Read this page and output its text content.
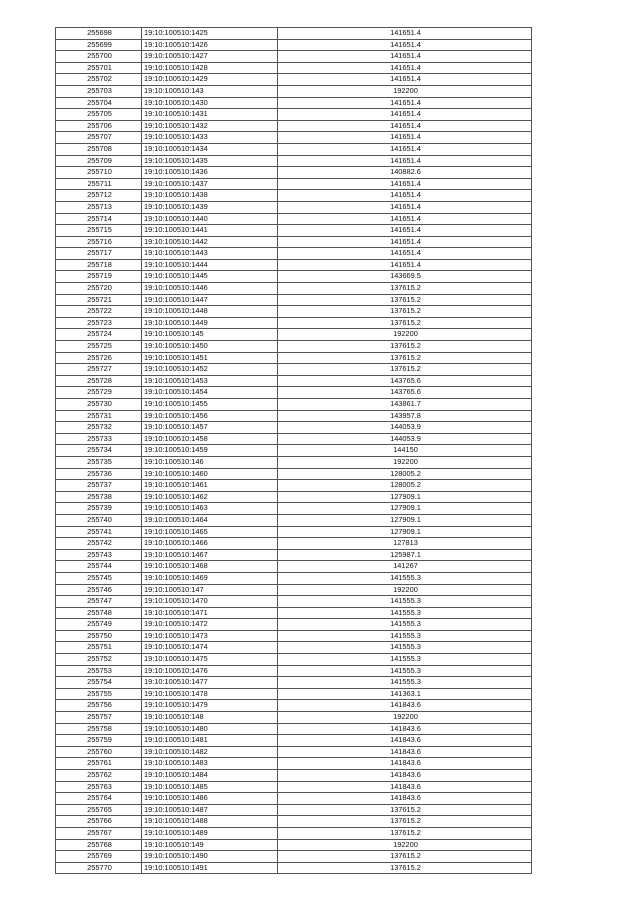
255698	19:10:100510:1425	141651.4
255699	19:10:100510:1426	141651.4
255700	19:10:100510:1427	141651.4
255701	19:10:100510:1428	141651.4
255702	19:10:100510:1429	141651.4
255703	19:10:100510:143	192200
255704	19:10:100510:1430	141651.4
255705	19:10:100510:1431	141651.4
255706	19:10:100510:1432	141651.4
255707	19:10:100510:1433	141651.4
255708	19:10:100510:1434	141651.4
255709	19:10:100510:1435	141651.4
255710	19:10:100510:1436	140882.6
255711	19:10:100510:1437	141651.4
255712	19:10:100510:1438	141651.4
255713	19:10:100510:1439	141651.4
255714	19:10:100510:1440	141651.4
255715	19:10:100510:1441	141651.4
255716	19:10:100510:1442	141651.4
255717	19:10:100510:1443	141651.4
255718	19:10:100510:1444	141651.4
255719	19:10:100510:1445	143669.5
255720	19:10:100510:1446	137615.2
255721	19:10:100510:1447	137615.2
255722	19:10:100510:1448	137615.2
255723	19:10:100510:1449	137615.2
255724	19:10:100510:145	192200
255725	19:10:100510:1450	137615.2
255726	19:10:100510:1451	137615.2
255727	19:10:100510:1452	137615.2
255728	19:10:100510:1453	143765.6
255729	19:10:100510:1454	143765.6
255730	19:10:100510:1455	143861.7
255731	19:10:100510:1456	143957.8
255732	19:10:100510:1457	144053.9
255733	19:10:100510:1458	144053.9
255734	19:10:100510:1459	144150
255735	19:10:100510:146	192200
255736	19:10:100510:1460	128005.2
255737	19:10:100510:1461	128005.2
255738	19:10:100510:1462	127909.1
255739	19:10:100510:1463	127909.1
255740	19:10:100510:1464	127909.1
255741	19:10:100510:1465	127909.1
255742	19:10:100510:1466	127813
255743	19:10:100510:1467	125987.1
255744	19:10:100510:1468	141267
255745	19:10:100510:1469	141555.3
255746	19:10:100510:147	192200
255747	19:10:100510:1470	141555.3
255748	19:10:100510:1471	141555.3
255749	19:10:100510:1472	141555.3
255750	19:10:100510:1473	141555.3
255751	19:10:100510:1474	141555.3
255752	19:10:100510:1475	141555.3
255753	19:10:100510:1476	141555.3
255754	19:10:100510:1477	141555.3
255755	19:10:100510:1478	141363.1
255756	19:10:100510:1479	141843.6
255757	19:10:100510:148	192200
255758	19:10:100510:1480	141843.6
255759	19:10:100510:1481	141843.6
255760	19:10:100510:1482	141843.6
255761	19:10:100510:1483	141843.6
255762	19:10:100510:1484	141843.6
255763	19:10:100510:1485	141843.6
255764	19:10:100510:1486	141843.6
255765	19:10:100510:1487	137615.2
255766	19:10:100510:1488	137615.2
255767	19:10:100510:1489	137615.2
255768	19:10:100510:149	192200
255769	19:10:100510:1490	137615.2
255770	19:10:100510:1491	137615.2
